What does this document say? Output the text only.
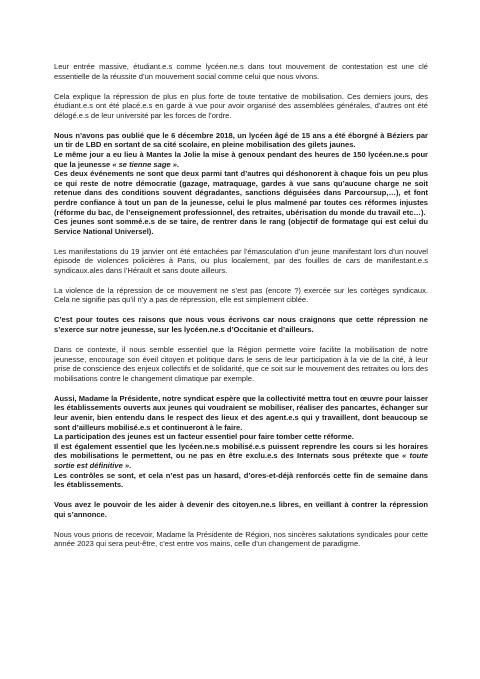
Leur entrée massive, étudiant.e.s comme lycéen.ne.s dans tout mouvement de contestation est une clé essentielle de la réussite d’un mouvement social comme celui que nous vivons.

Cela explique la répression de plus en plus forte de toute tentative de mobilisation. Ces derniers jours, des étudiant.e.s ont été placé.e.s en garde à vue pour avoir organisé des assemblées générales, d’autres ont été délogé.e.s de leur université par les forces de l’ordre.

Nous n’avons pas oublié que le 6 décembre 2018, un lycéen âgé de 15 ans a été éborgné à Béziers par un tir de LBD en sortant de sa cité scolaire, en pleine mobilisation des gilets jaunes.

Le même jour a eu lieu à Mantes la Jolie la mise à genoux pendant des heures de 150 lycéen.ne.s pour que la jeunesse « se tienne sage ».

Ces deux événements ne sont que deux parmi tant d’autres qui déshonorent à chaque fois un peu plus ce qui reste de notre démocratie (gazage, matraquage, gardes à vue sans qu’aucune charge ne soit retenue dans des conditions souvent dégradantes, sanctions déguisées dans Parcoursup,…), et font perdre confiance à tout un pan de la jeunesse, celui le plus malmené par toutes ces réformes injustes (réforme du bac, de l’enseignement professionnel, des retraites, ubérisation du monde du travail etc…).

Ces jeunes sont sommé.e.s de se taire, de rentrer dans le rang (objectif de formatage qui est celui du Service National Universel).

Les manifestations du 19 janvier ont été entachées par l’émasculation d’un jeune manifestant lors d’un nouvel épisode de violences policières à Paris, ou plus localement, par des fouilles de cars de manifestant.e.s syndicaux.ales dans l’Hérault et sans doute ailleurs.

La violence de la répression de ce mouvement ne s’est pas (encore ?) exercée sur les cortèges syndicaux. Cela ne signifie pas qu’il n’y a pas de répression, elle est simplement ciblée.

C’est pour toutes ces raisons que nous vous écrivons car nous craignons que cette répression ne s’exerce sur notre jeunesse, sur les lycéen.ne.s d’Occitanie et d’ailleurs.

Dans ce contexte, il nous semble essentiel que la Région permette voire facilite la mobilisation de notre jeunesse, encourage son éveil citoyen et politique dans le sens de leur participation à la vie de la cité, à leur prise de conscience des enjeux collectifs et de solidarité, que ce soit sur le mouvement des retraites ou lors des mobilisations contre le changement climatique par exemple.

Aussi, Madame la Présidente, notre syndicat espère que la collectivité mettra tout en œuvre pour laisser les établissements ouverts aux jeunes qui voudraient se mobiliser, réaliser des pancartes, échanger sur leur avenir, bien entendu dans le respect des lieux et des agent.e.s qui y travaillent, dont beaucoup se sont d’ailleurs mobilisé.e.s et continueront à le faire.

La participation des jeunes est un facteur essentiel pour faire tomber cette réforme.

Il est également essentiel que les lycéen.ne.s mobilisé.e.s puissent reprendre les cours si les horaires des mobilisations le permettent, ou ne pas en être exclu.e.s des Internats sous prétexte que « toute sortie est définitive ».

Les contrôles se sont, et cela n’est pas un hasard, d’ores-et-déjà renforcés cette fin de semaine dans les établissements.

Vous avez le pouvoir de les aider à devenir des citoyen.ne.s libres, en veillant à contrer la répression qui s’annonce.

Nous vous prions de recevoir, Madame la Présidente de Région, nos sincères salutations syndicales pour cette année 2023 qui sera peut-être, c’est entre vos mains, celle d’un changement de paradigme.
